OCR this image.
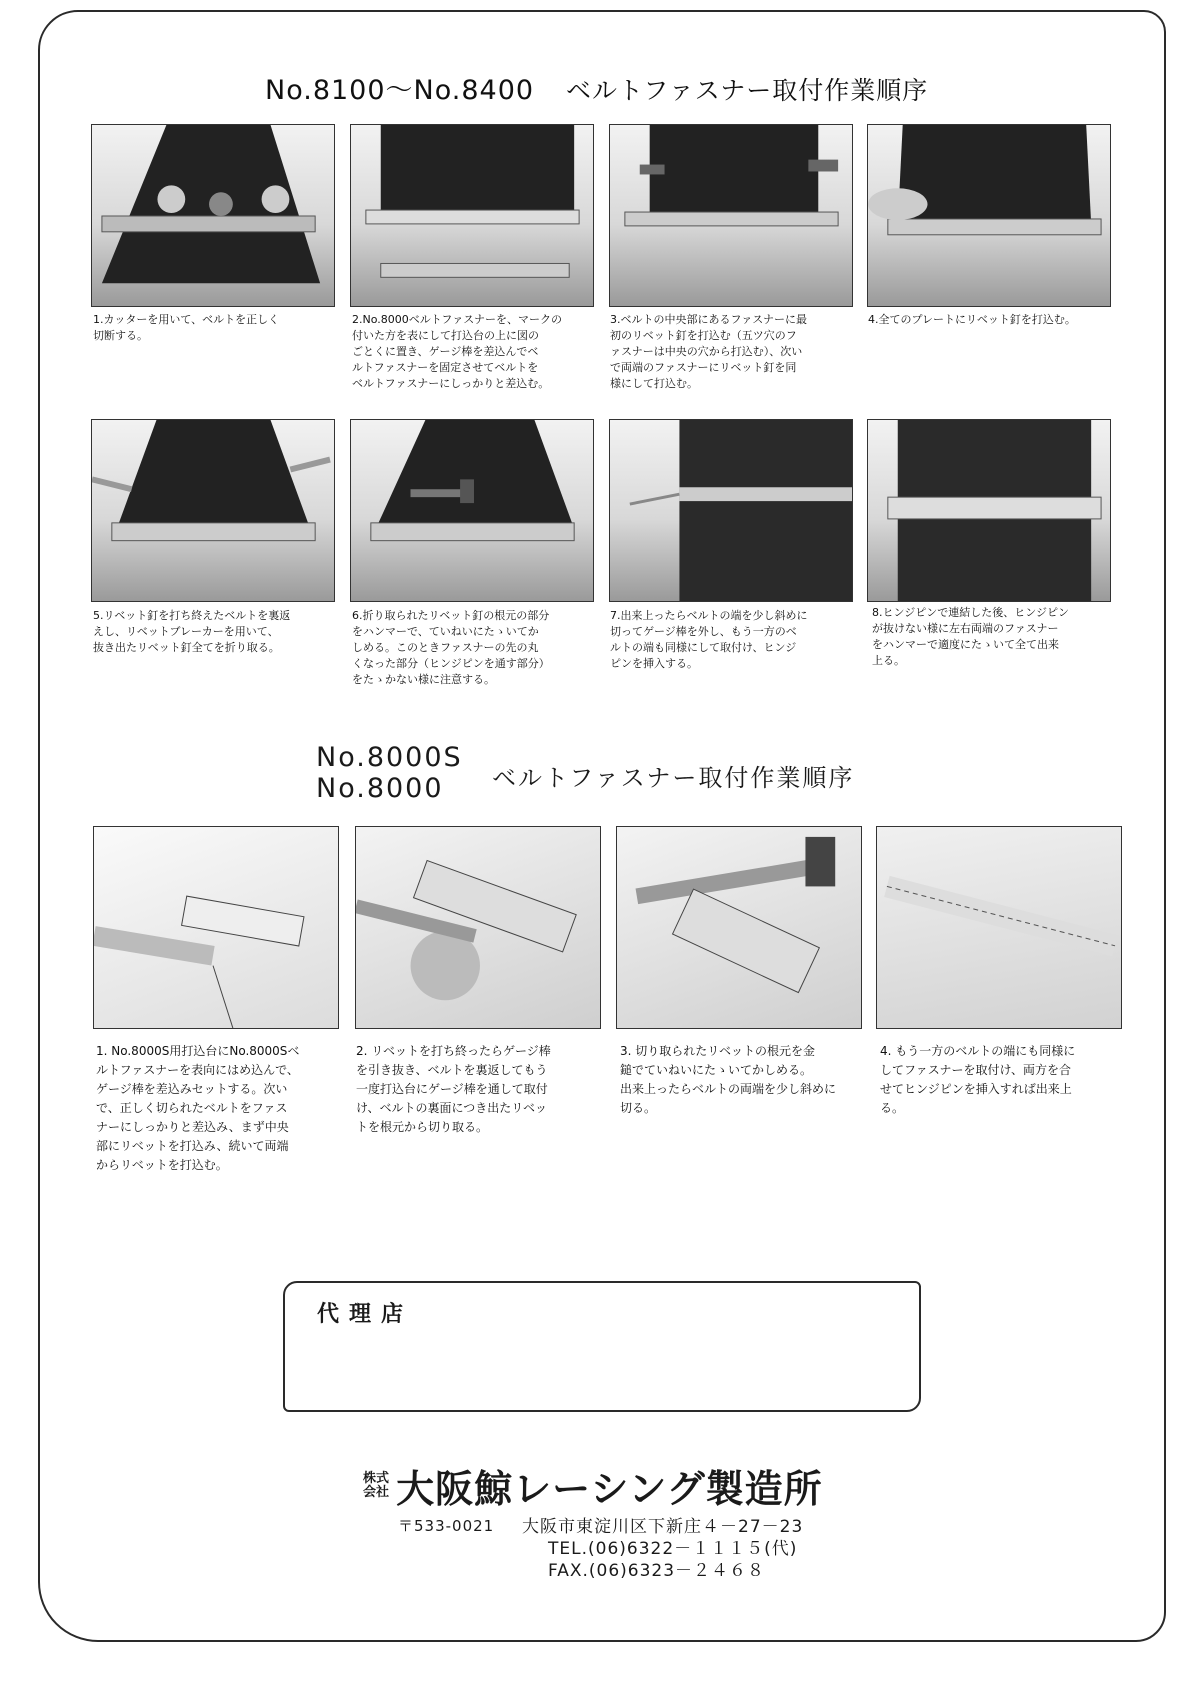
No.8100～No.8400 ベルトファスナー取付作業順序
1.カッターを用いて、ベルトを正しく
切断する。
2.No.8000ベルトファスナーを、マークの
付いた方を表にして打込台の上に図の
ごとくに置き、ゲージ棒を差込んでベ
ルトファスナーを固定させてベルトを
ベルトファスナーにしっかりと差込む。
3.ベルトの中央部にあるファスナーに最
初のリベット釘を打込む（五ツ穴のフ
ァスナーは中央の穴から打込む）、次い
で両端のファスナーにリベット釘を同
様にして打込む。
4.全てのプレートにリベット釘を打込む。
5.リベット釘を打ち終えたベルトを裏返
えし、リベットブレーカーを用いて、
抜き出たリベット釘全てを折り取る。
6.折り取られたリベット釘の根元の部分
をハンマーで、ていねいにたゝいてか
しめる。このときファスナーの先の丸
くなった部分（ヒンジピンを通す部分）
をたゝかない様に注意する。
7.出来上ったらベルトの端を少し斜めに
切ってゲージ棒を外し、もう一方のベ
ルトの端も同様にして取付け、ヒンジ
ピンを挿入する。
8.ヒンジピンで連結した後、ヒンジピン
が抜けない様に左右両端のファスナー
をハンマーで適度にたゝいて全て出来
上る。
No.8000S
No.8000 ベルトファスナー取付作業順序
1. No.8000S用打込台にNo.8000Sベ
ルトファスナーを表向にはめ込んで、
ゲージ棒を差込みセットする。次い
で、正しく切られたベルトをファス
ナーにしっかりと差込み、まず中央
部にリベットを打込み、続いて両端
からリベットを打込む。
2. リベットを打ち終ったらゲージ棒
を引き抜き、ベルトを裏返してもう
一度打込台にゲージ棒を通して取付
け、ベルトの裏面につき出たリベッ
トを根元から切り取る。
3. 切り取られたリベットの根元を金
鎚でていねいにたゝいてかしめる。
出来上ったらベルトの両端を少し斜めに
切る。
4. もう一方のベルトの端にも同様に
してファスナーを取付け、両方を合
せてヒンジピンを挿入すれば出来上
る。
代理店
株式
会社 大阪鯨レーシング製造所
〒533-0021 大阪市東淀川区下新庄４－27－23
TEL.(06)6322－１１１５(代)
FAX.(06)6323－２４６８
